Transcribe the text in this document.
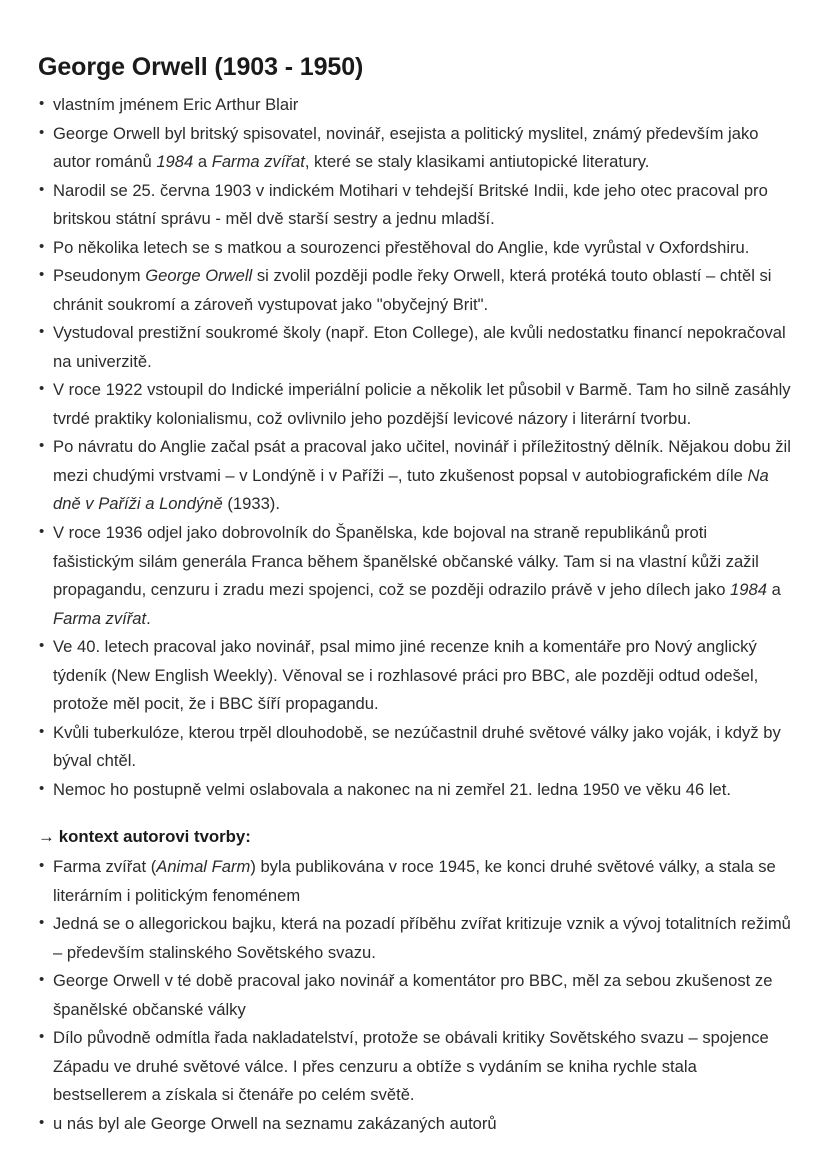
George Orwell (1903 - 1950)
• vlastním jménem Eric Arthur Blair
• George Orwell byl britský spisovatel, novinář, esejista a politický myslitel, známý především jako autor románů 1984 a Farma zvířat, které se staly klasikami antiutopické literatury.
• Narodil se 25. června 1903 v indickém Motihari v tehdejší Britské Indii, kde jeho otec pracoval pro britskou státní správu - měl dvě starší sestry a jednu mladší.
• Po několika letech se s matkou a sourozenci přestěhoval do Anglie, kde vyrůstal v Oxfordshiru.
• Pseudonym George Orwell si zvolil později podle řeky Orwell, která protéká touto oblastí – chtěl si chránit soukromí a zároveň vystupovat jako "obyčejný Brit".
• Vystudoval prestižní soukromé školy (např. Eton College), ale kvůli nedostatku financí nepokračoval na univerzitě.
• V roce 1922 vstoupil do Indické imperiální policie a několik let působil v Barmě. Tam ho silně zasáhly tvrdé praktiky kolonialismu, což ovlivnilo jeho pozdější levicové názory i literární tvorbu.
• Po návratu do Anglie začal psát a pracoval jako učitel, novinář i příležitostný dělník. Nějakou dobu žil mezi chudými vrstvami – v Londýně i v Paříži –, tuto zkušenost popsal v autobiografickém díle Na dně v Paříži a Londýně (1933).
• V roce 1936 odjel jako dobrovolník do Španělska, kde bojoval na straně republikánů proti fašistickým silám generála Franca během španělské občanské války. Tam si na vlastní kůži zažil propagandu, cenzuru i zradu mezi spojenci, což se později odrazilo právě v jeho dílech jako 1984 a Farma zvířat.
• Ve 40. letech pracoval jako novinář, psal mimo jiné recenze knih a komentáře pro Nový anglický týdeník (New English Weekly). Věnoval se i rozhlasové práci pro BBC, ale později odtud odešel, protože měl pocit, že i BBC šíří propagandu.
• Kvůli tuberkulóze, kterou trpěl dlouhodobě, se nezúčastnil druhé světové války jako voják, i když by býval chtěl.
• Nemoc ho postupně velmi oslabovala a nakonec na ni zemřel 21. ledna 1950 ve věku 46 let.
→ kontext autorovi tvorby:
• Farma zvířat (Animal Farm) byla publikována v roce 1945, ke konci druhé světové války, a stala se literárním i politickým fenoménem
• Jedná se o allegorickou bajku, která na pozadí příběhu zvířat kritizuje vznik a vývoj totalitních režimů – především stalinského Sovětského svazu.
• George Orwell v té době pracoval jako novinář a komentátor pro BBC, měl za sebou zkušenost ze španělské občanské války
• Dílo původně odmítla řada nakladatelství, protože se obávali kritiky Sovětského svazu – spojence Západu ve druhé světové válce. I přes cenzuru a obtíže s vydáním se kniha rychle stala bestsellerem a získala si čtenáře po celém světě.
• u nás byl ale George Orwell na seznamu zakázaných autorů
